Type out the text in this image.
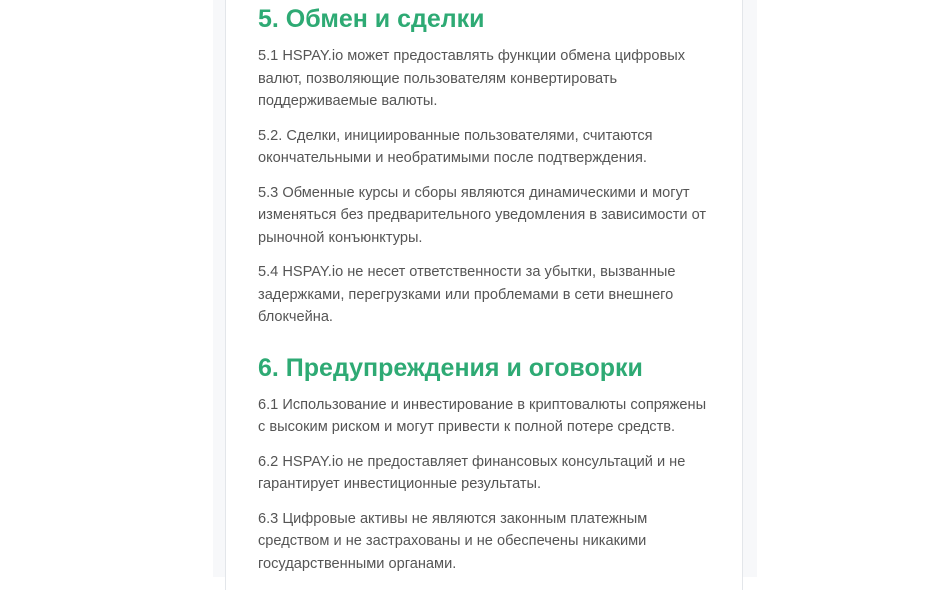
5. Обмен и сделки

5.1 HSPAY.io может предоставлять функции обмена цифровых валют, позволяющие пользователям конвертировать поддерживаемые валюты.

5.2. Сделки, инициированные пользователями, считаются окончательными и необратимыми после подтверждения.

5.3 Обменные курсы и сборы являются динамическими и могут изменяться без предварительного уведомления в зависимости от рыночной конъюнктуры.

5.4 HSPAY.io не несет ответственности за убытки, вызванные задержками, перегрузками или проблемами в сети внешнего блокчейна.

6. Предупреждения и оговорки

6.1 Использование и инвестирование в криптовалюты сопряжены с высоким риском и могут привести к полной потере средств.

6.2 HSPAY.io не предоставляет финансовых консультаций и не гарантирует инвестиционные результаты.

6.3 Цифровые активы не являются законным платежным средством и не застрахованы и не обеспечены никакими государственными органами.
